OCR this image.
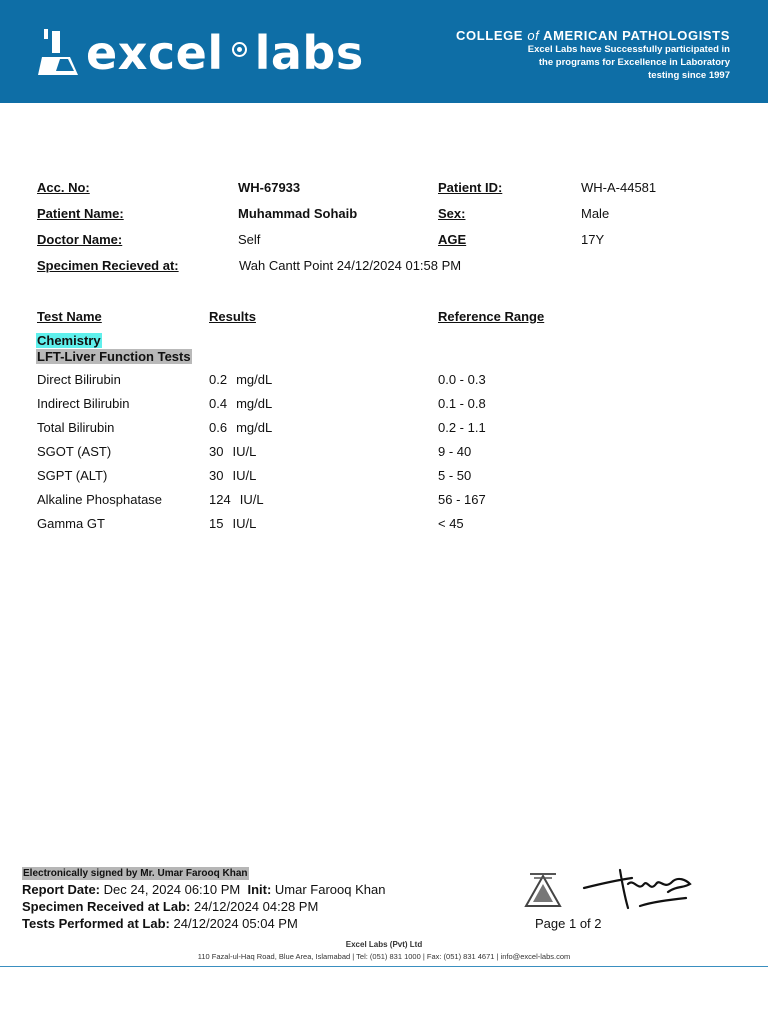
excel labs	COLLEGE of AMERICAN PATHOLOGISTS
Excel Labs have Successfully participated in
the programs for Excellence in Laboratory
testing since 1997
Acc. No:	WH-67933	Patient ID:	WH-A-44581
Patient Name:	Muhammad Sohaib	Sex:	Male
Doctor Name:	Self	AGE	17Y
Specimen Recieved at:	Wah Cantt Point 24/12/2024 01:58 PM
Test Name	Results	Reference Range
Chemistry
LFT-Liver Function Tests
Direct Bilirubin	0.2 mg/dL	0.0 - 0.3
Indirect Bilirubin	0.4 mg/dL	0.1 - 0.8
Total Bilirubin	0.6 mg/dL	0.2 - 1.1
SGOT (AST)	30 IU/L	9 - 40
SGPT (ALT)	30 IU/L	5 - 50
Alkaline Phosphatase	124 IU/L	56 - 167
Gamma GT	15 IU/L	< 45
Electronically signed by Mr. Umar Farooq Khan
Report Date: Dec 24, 2024 06:10 PM Init: Umar Farooq Khan
Specimen Received at Lab: 24/12/2024 04:28 PM
Tests Performed at Lab: 24/12/2024 05:04 PM	Page 1 of 2
Excel Labs (Pvt) Ltd
110 Fazal-ul-Haq Road, Blue Area, Islamabad | Tel: (051) 831 1000 | Fax: (051) 831 4671 | info@excel-labs.com
